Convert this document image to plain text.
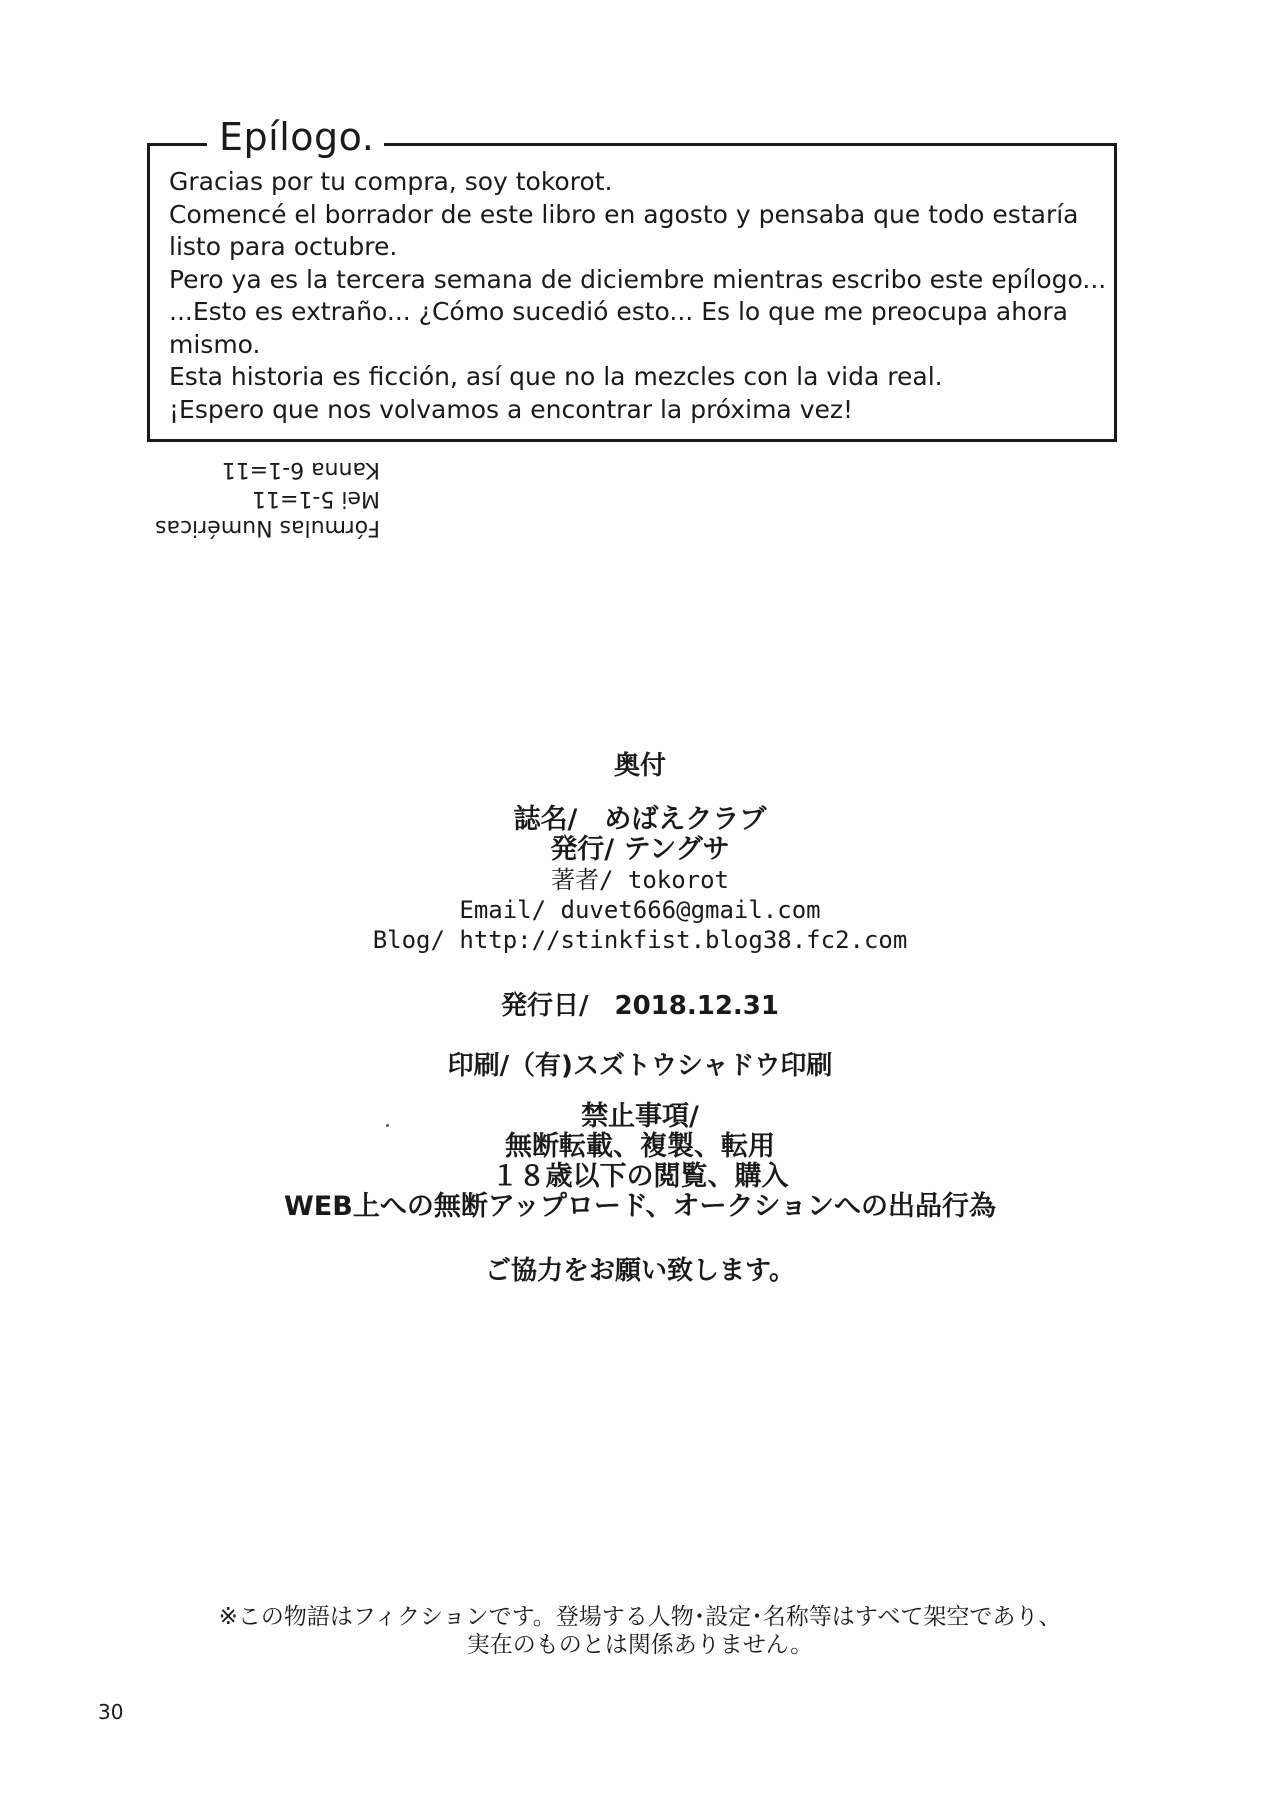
Epílogo.
Gracias por tu compra, soy tokorot.
Comencé el borrador de este libro en agosto y pensaba que todo estaría
listo para octubre.
Pero ya es la tercera semana de diciembre mientras escribo este epílogo...
...Esto es extraño... ¿Cómo sucedió esto... Es lo que me preocupa ahora
mismo.
Esta historia es ficción, así que no la mezcles con la vida real.
¡Espero que nos volvamos a encontrar la próxima vez!
Fórmulas Numéricas
Mei 5-1=11
Kanna 6-1=11
奥付
誌名/　めばえクラブ
発行/ テングサ
著者/ tokorot
Email/ duvet666@gmail.com
Blog/ http://stinkfist.blog38.fc2.com
発行日/　2018.12.31
印刷/（有)スズトウシャドウ印刷
禁止事項/
無断転載、複製、転用
１８歳以下の閲覧、購入
WEB上への無断アップロード、オークションへの出品行為
ご協力をお願い致します。
※この物語はフィクションです。登場する人物･設定･名称等はすべて架空であり、
実在のものとは関係ありません。
30
